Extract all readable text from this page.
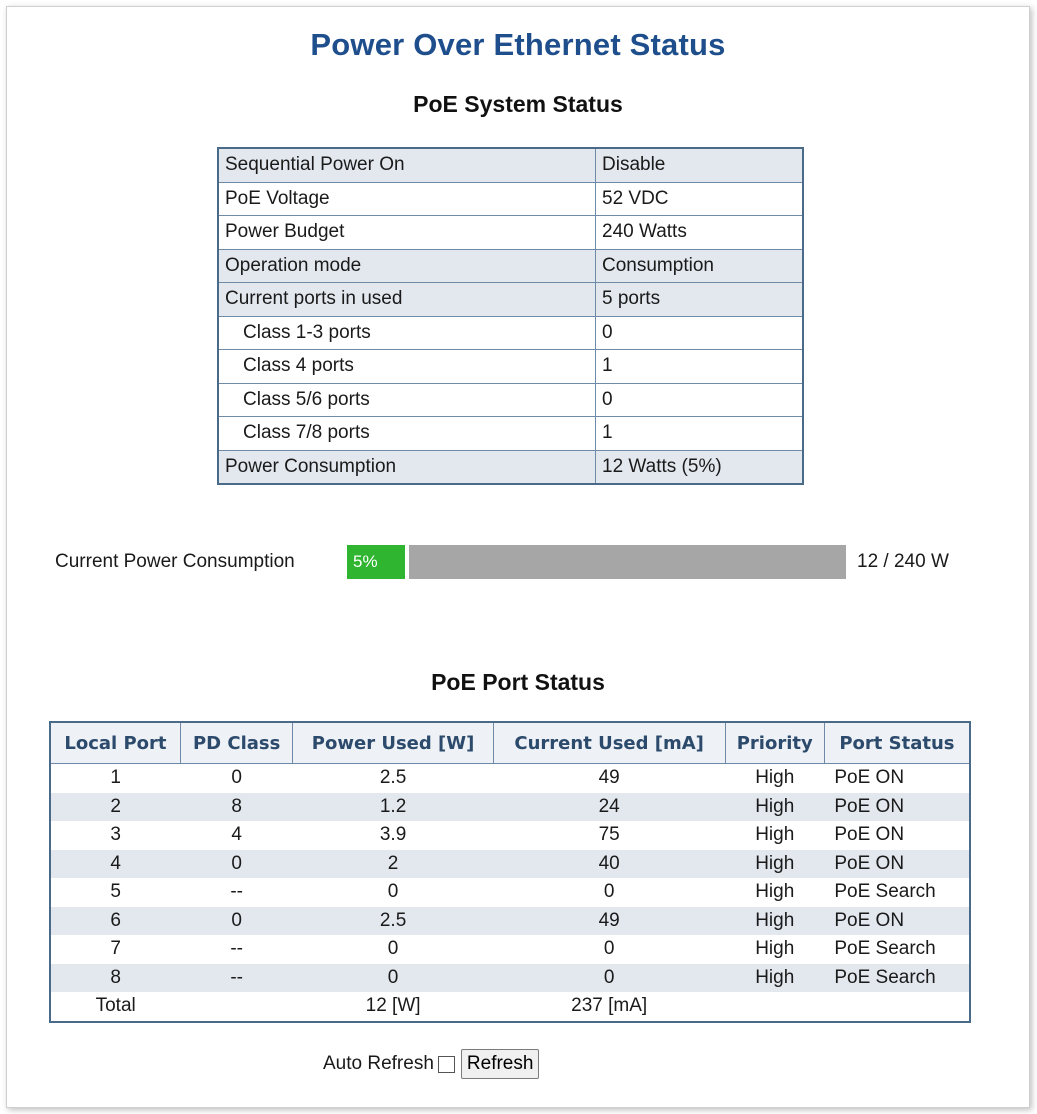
Power Over Ethernet Status
PoE System Status
Sequential Power On	Disable
PoE Voltage	52 VDC
Power Budget	240 Watts
Operation mode	Consumption
Current ports in used	5 ports
Class 1-3 ports	0
Class 4 ports	1
Class 5/6 ports	0
Class 7/8 ports	1
Power Consumption	12 Watts (5%)
Current Power Consumption	5%	12 / 240 W
PoE Port Status
Local Port	PD Class	Power Used [W]	Current Used [mA]	Priority	Port Status
1	0	2.5	49	High	PoE ON
2	8	1.2	24	High	PoE ON
3	4	3.9	75	High	PoE ON
4	0	2	40	High	PoE ON
5	--	0	0	High	PoE Search
6	0	2.5	49	High	PoE ON
7	--	0	0	High	PoE Search
8	--	0	0	High	PoE Search
Total		12 [W]	237 [mA]		
Auto Refresh	Refresh
